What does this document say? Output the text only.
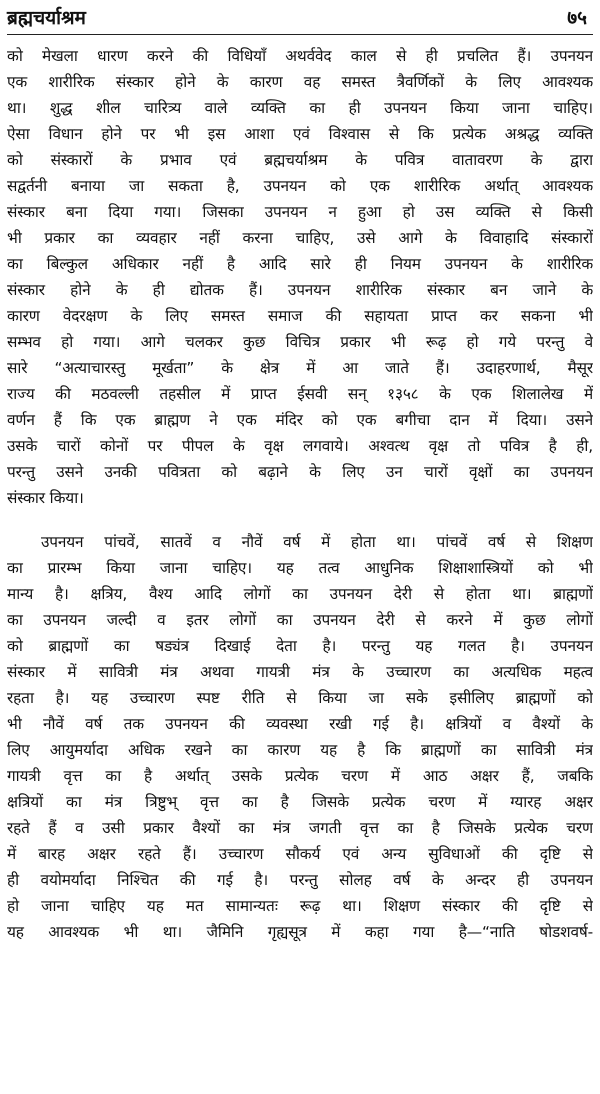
ब्रह्मचर्याश्रम	७५
को मेखला धारण करने की विधियाँ अथर्ववेद काल से ही प्रचलित हैं। उपनयन
एक शारीरिक संस्कार होने के कारण वह समस्त त्रैवर्णिकों के लिए आवश्यक
था। शुद्ध शील चारित्र्य वाले व्यक्ति का ही उपनयन किया जाना चाहिए।
ऐसा विधान होने पर भी इस आशा एवं विश्वास से कि प्रत्येक अश्रद्ध व्यक्ति
को संस्कारों के प्रभाव एवं ब्रह्मचर्याश्रम के पवित्र वातावरण के द्वारा
सद्वर्तनी बनाया जा सकता है, उपनयन को एक शारीरिक अर्थात् आवश्यक
संस्कार बना दिया गया। जिसका उपनयन न हुआ हो उस व्यक्ति से किसी
भी प्रकार का व्यवहार नहीं करना चाहिए, उसे आगे के विवाहादि संस्कारों
का बिल्कुल अधिकार नहीं है आदि सारे ही नियम उपनयन के शारीरिक
संस्कार होने के ही द्योतक हैं। उपनयन शारीरिक संस्कार बन जाने के
कारण वेदरक्षण के लिए समस्त समाज की सहायता प्राप्त कर सकना भी
सम्भव हो गया। आगे चलकर कुछ विचित्र प्रकार भी रूढ़ हो गये परन्तु वे
सारे “अत्याचारस्तु मूर्खता” के क्षेत्र में आ जाते हैं। उदाहरणार्थ, मैसूर
राज्य की मठवल्ली तहसील में प्राप्त ईसवी सन् १३५८ के एक शिलालेख में
वर्णन हैं कि एक ब्राह्मण ने एक मंदिर को एक बगीचा दान में दिया। उसने
उसके चारों कोनों पर पीपल के वृक्ष लगवाये। अश्वत्थ वृक्ष तो पवित्र है ही,
परन्तु उसने उनकी पवित्रता को बढ़ाने के लिए उन चारों वृक्षों का उपनयन
संस्कार किया।
उपनयन पांचवें, सातवें व नौवें वर्ष में होता था। पांचवें वर्ष से शिक्षण
का प्रारम्भ किया जाना चाहिए। यह तत्व आधुनिक शिक्षाशास्त्रियों को भी
मान्य है। क्षत्रिय, वैश्य आदि लोगों का उपनयन देरी से होता था। ब्राह्मणों
का उपनयन जल्दी व इतर लोगों का उपनयन देरी से करने में कुछ लोगों
को ब्राह्मणों का षड्यंत्र दिखाई देता है। परन्तु यह गलत है। उपनयन
संस्कार में सावित्री मंत्र अथवा गायत्री मंत्र के उच्चारण का अत्यधिक महत्व
रहता है। यह उच्चारण स्पष्ट रीति से किया जा सके इसीलिए ब्राह्मणों को
भी नौवें वर्ष तक उपनयन की व्यवस्था रखी गई है। क्षत्रियों व वैश्यों के
लिए आयुमर्यादा अधिक रखने का कारण यह है कि ब्राह्मणों का सावित्री मंत्र
गायत्री वृत्त का है अर्थात् उसके प्रत्येक चरण में आठ अक्षर हैं, जबकि
क्षत्रियों का मंत्र त्रिष्टुभ् वृत्त का है जिसके प्रत्येक चरण में ग्यारह अक्षर
रहते हैं व उसी प्रकार वैश्यों का मंत्र जगती वृत्त का है जिसके प्रत्येक चरण
में बारह अक्षर रहते हैं। उच्चारण सौकर्य एवं अन्य सुविधाओं की दृष्टि से
ही वयोमर्यादा निश्चित की गई है। परन्तु सोलह वर्ष के अन्दर ही उपनयन
हो जाना चाहिए यह मत सामान्यतः रूढ़ था। शिक्षण संस्कार की दृष्टि से
यह आवश्यक भी था। जैमिनि गृह्यसूत्र में कहा गया है—“नाति षोडशवर्ष-
